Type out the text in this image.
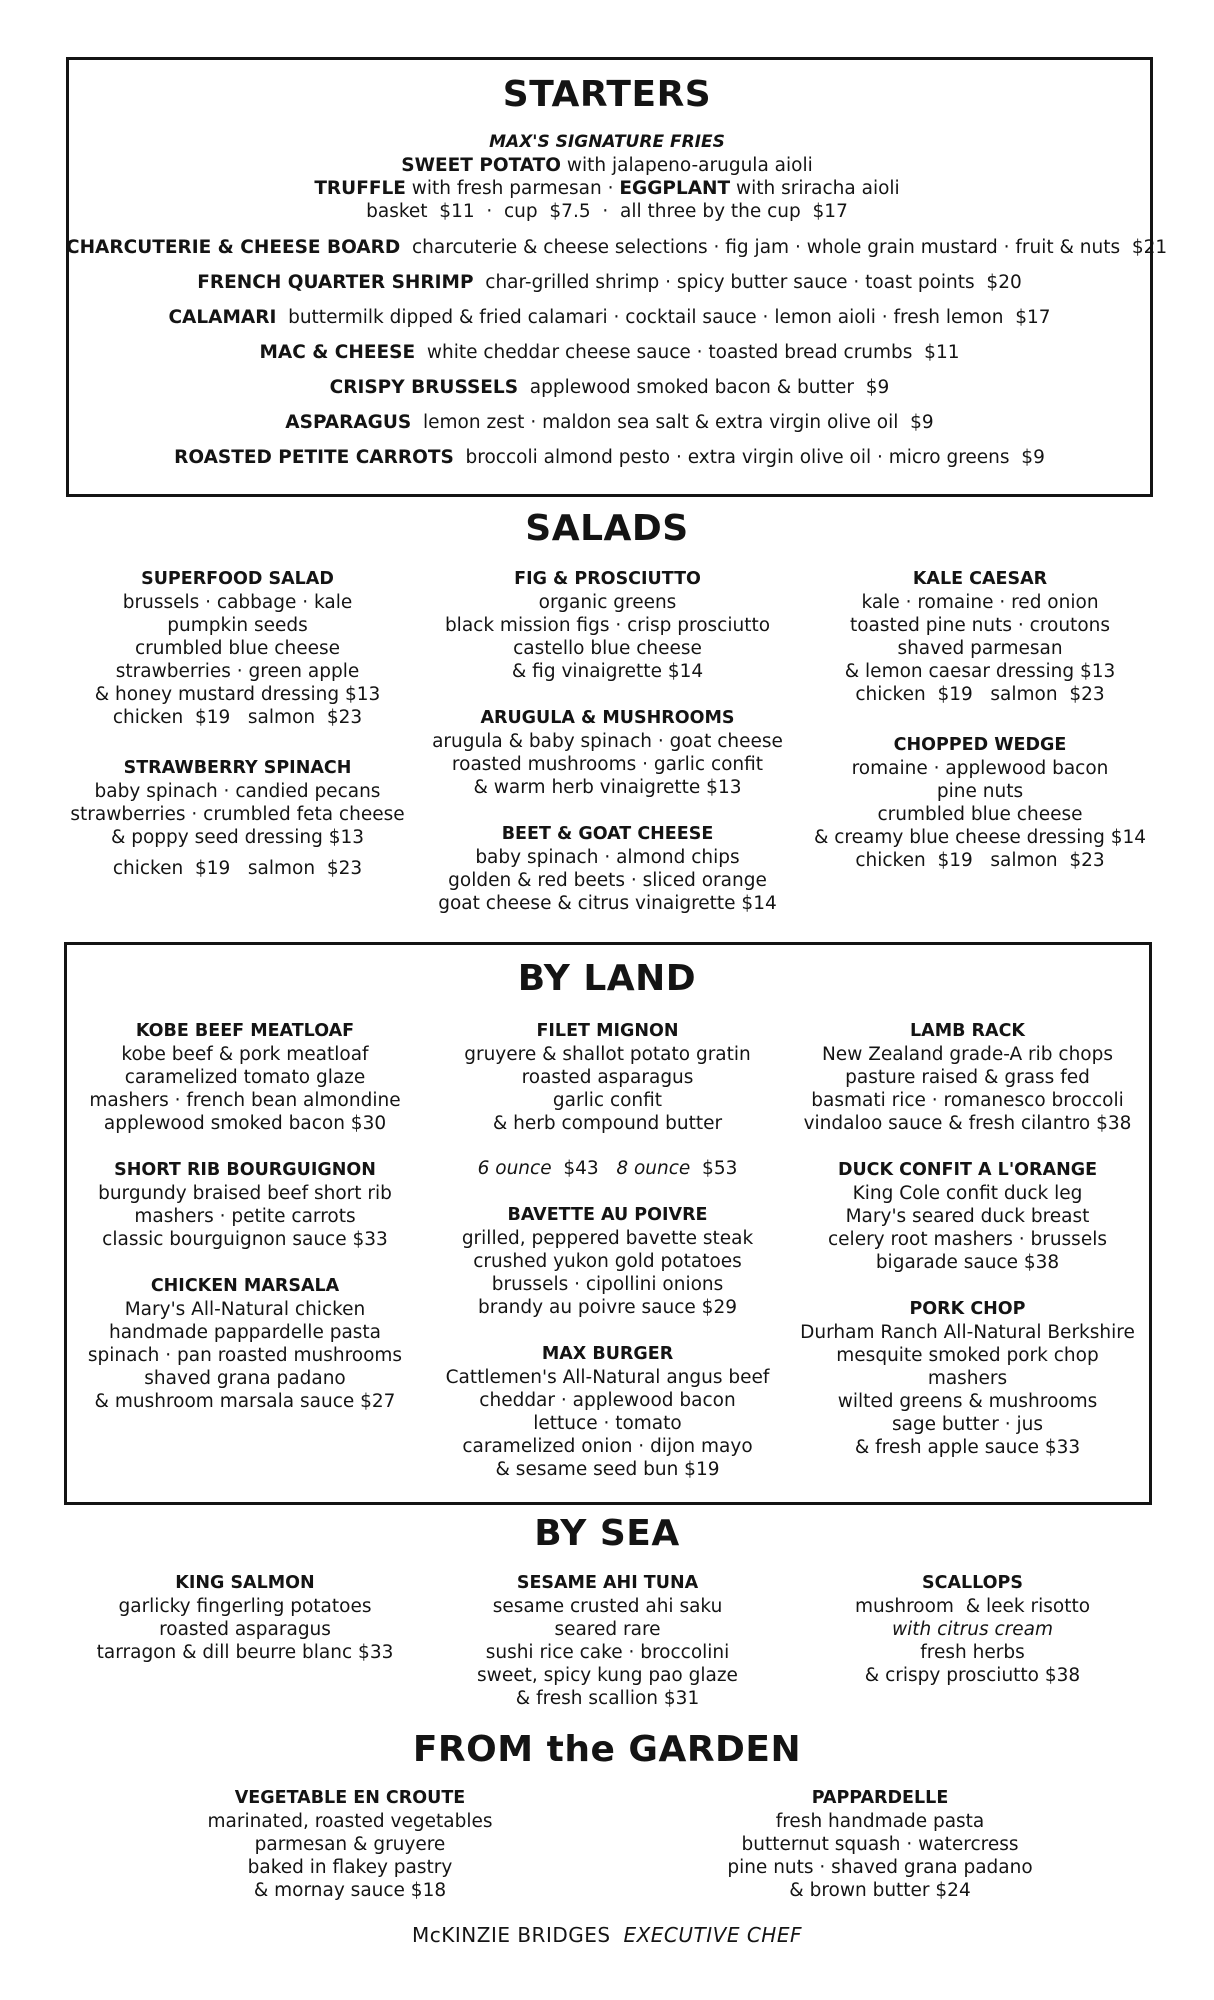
STARTERS
MAX'S SIGNATURE FRIES
SWEET POTATO with jalapeno-arugula aioli
TRUFFLE with fresh parmesan · EGGPLANT with sriracha aioli
basket  $11  ·  cup  $7.5  ·  all three by the cup  $17
CHARCUTERIE & CHEESE BOARD  charcuterie & cheese selections · fig jam · whole grain mustard · fruit & nuts  $21
FRENCH QUARTER SHRIMP  char-grilled shrimp · spicy butter sauce · toast points  $20
CALAMARI  buttermilk dipped & fried calamari · cocktail sauce · lemon aioli · fresh lemon  $17
MAC & CHEESE  white cheddar cheese sauce · toasted bread crumbs  $11
CRISPY BRUSSELS  applewood smoked bacon & butter  $9
ASPARAGUS  lemon zest · maldon sea salt & extra virgin olive oil  $9
ROASTED PETITE CARROTS  broccoli almond pesto · extra virgin olive oil · micro greens  $9
SALADS
SUPERFOOD SALAD
brussels · cabbage · kale
pumpkin seeds
crumbled blue cheese
strawberries · green apple
& honey mustard dressing $13
chicken  $19   salmon  $23
STRAWBERRY SPINACH
baby spinach · candied pecans
strawberries · crumbled feta cheese
& poppy seed dressing $13
chicken  $19   salmon  $23
FIG & PROSCIUTTO
organic greens
black mission figs · crisp prosciutto
castello blue cheese
& fig vinaigrette $14
ARUGULA & MUSHROOMS
arugula & baby spinach · goat cheese
roasted mushrooms · garlic confit
& warm herb vinaigrette $13
BEET & GOAT CHEESE
baby spinach · almond chips
golden & red beets · sliced orange
goat cheese & citrus vinaigrette $14
KALE CAESAR
kale · romaine · red onion
toasted pine nuts · croutons
shaved parmesan
& lemon caesar dressing $13
chicken  $19   salmon  $23
CHOPPED WEDGE
romaine · applewood bacon
pine nuts
crumbled blue cheese
& creamy blue cheese dressing $14
chicken  $19   salmon  $23
BY LAND
KOBE BEEF MEATLOAF
kobe beef & pork meatloaf
caramelized tomato glaze
mashers · french bean almondine
applewood smoked bacon $30
SHORT RIB BOURGUIGNON
burgundy braised beef short rib
mashers · petite carrots
classic bourguignon sauce $33
CHICKEN MARSALA
Mary's All-Natural chicken
handmade pappardelle pasta
spinach · pan roasted mushrooms
shaved grana padano
& mushroom marsala sauce $27
FILET MIGNON
gruyere & shallot potato gratin
roasted asparagus
garlic confit
& herb compound butter
6 ounce  $43   8 ounce  $53
BAVETTE AU POIVRE
grilled, peppered bavette steak
crushed yukon gold potatoes
brussels · cipollini onions
brandy au poivre sauce $29
MAX BURGER
Cattlemen's All-Natural angus beef
cheddar · applewood bacon
lettuce · tomato
caramelized onion · dijon mayo
& sesame seed bun $19
LAMB RACK
New Zealand grade-A rib chops
pasture raised & grass fed
basmati rice · romanesco broccoli
vindaloo sauce & fresh cilantro $38
DUCK CONFIT A L'ORANGE
King Cole confit duck leg
Mary's seared duck breast
celery root mashers · brussels
bigarade sauce $38
PORK CHOP
Durham Ranch All-Natural Berkshire
mesquite smoked pork chop
mashers
wilted greens & mushrooms
sage butter · jus
& fresh apple sauce $33
BY SEA
KING SALMON
garlicky fingerling potatoes
roasted asparagus
tarragon & dill beurre blanc $33
SESAME AHI TUNA
sesame crusted ahi saku
seared rare
sushi rice cake · broccolini
sweet, spicy kung pao glaze
& fresh scallion $31
SCALLOPS
mushroom  & leek risotto
with citrus cream
fresh herbs
& crispy prosciutto $38
FROM the GARDEN
VEGETABLE EN CROUTE
marinated, roasted vegetables
parmesan & gruyere
baked in flakey pastry
& mornay sauce $18
PAPPARDELLE
fresh handmade pasta
butternut squash · watercress
pine nuts · shaved grana padano
& brown butter $24
McKINZIE BRIDGES EXECUTIVE CHEF
